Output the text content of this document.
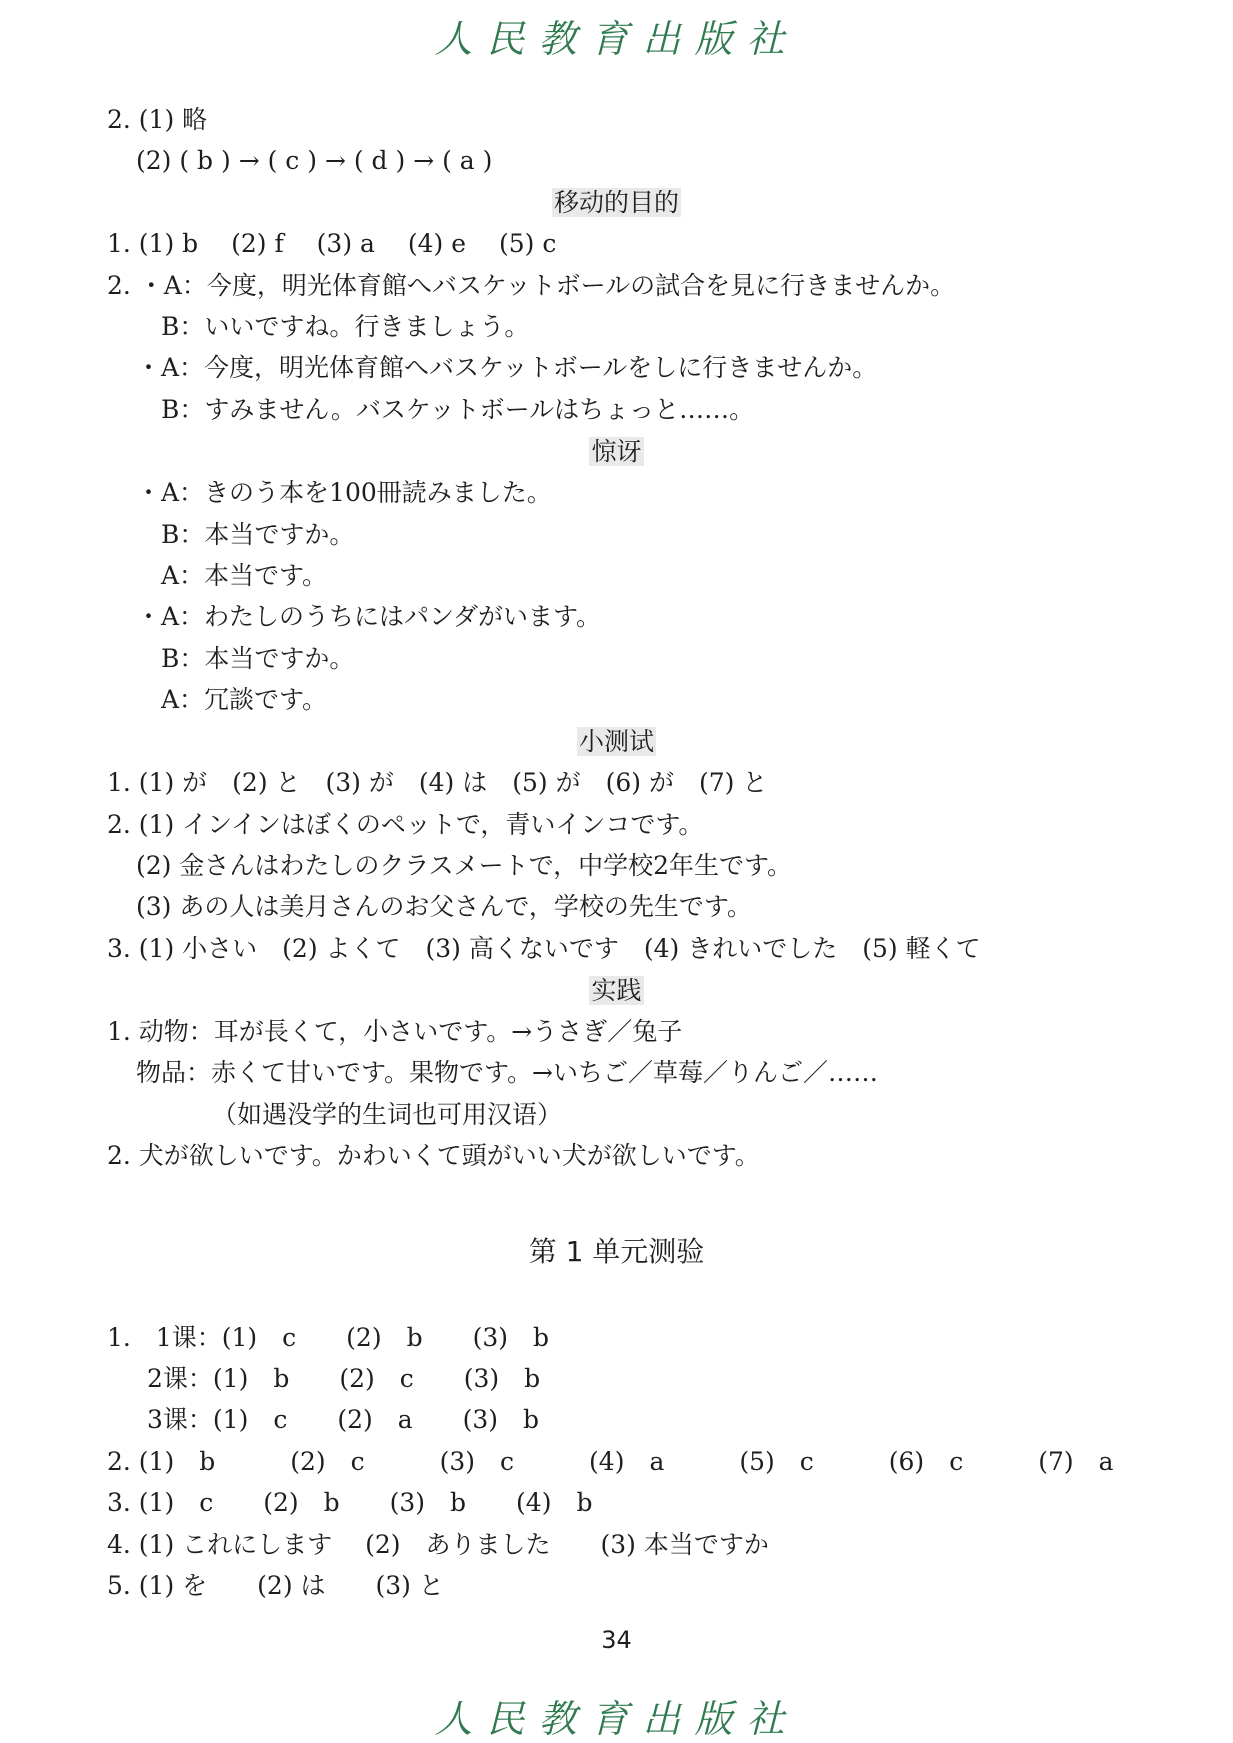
人民教育出版社
2. (1) 略
(2) ( b ) → ( c ) → ( d ) → ( a )
移动的目的
1. (1) b　 (2) f　 (3) a　 (4) e　 (5) c
2. ・A：今度，明光体育館へバスケットボールの試合を見に行きませんか。
B：いいですね。行きましょう。
・A：今度，明光体育館へバスケットボールをしに行きませんか。
B：すみません。バスケットボールはちょっと……。
惊讶
・A：きのう本を100冊読みました。
B：本当ですか。
A：本当です。
・A：わたしのうちにはパンダがいます。
B：本当ですか。
A：冗談です。
小测试
1. (1) が　(2) と　(3) が　(4) は　(5) が　(6) が　(7) と
2. (1) インインはぼくのペットで，青いインコです。
(2) 金さんはわたしのクラスメートで，中学校2年生です。
(3) あの人は美月さんのお父さんで，学校の先生です。
3. (1) 小さい　(2) よくて　(3) 高くないです　(4) きれいでした　(5) 軽くて
实践
1. 动物：耳が長くて，小さいです。→うさぎ／兔子
物品：赤くて甘いです。果物です。→いちご／草莓／りんご／……
（如遇没学的生词也可用汉语）
2. 犬が欲しいです。かわいくて頭がいい犬が欲しいです。
第 1 单元测验
1.　1课：(1)　c　　(2)　b　　(3)　b
2课：(1)　b　　(2)　c　　(3)　b
3课：(1)　c　　(2)　a　　(3)　b
2. (1)　b　　　(2)　c　　　(3)　c　　　(4)　a　　　(5)　c　　　(6)　c　　　(7)　a
3. (1)　c　　(2)　b　　(3)　b　　(4)　b
4. (1) これにします　 (2)　ありました　　(3) 本当ですか
5. (1) を　　(2) は　　(3) と
34
人民教育出版社
